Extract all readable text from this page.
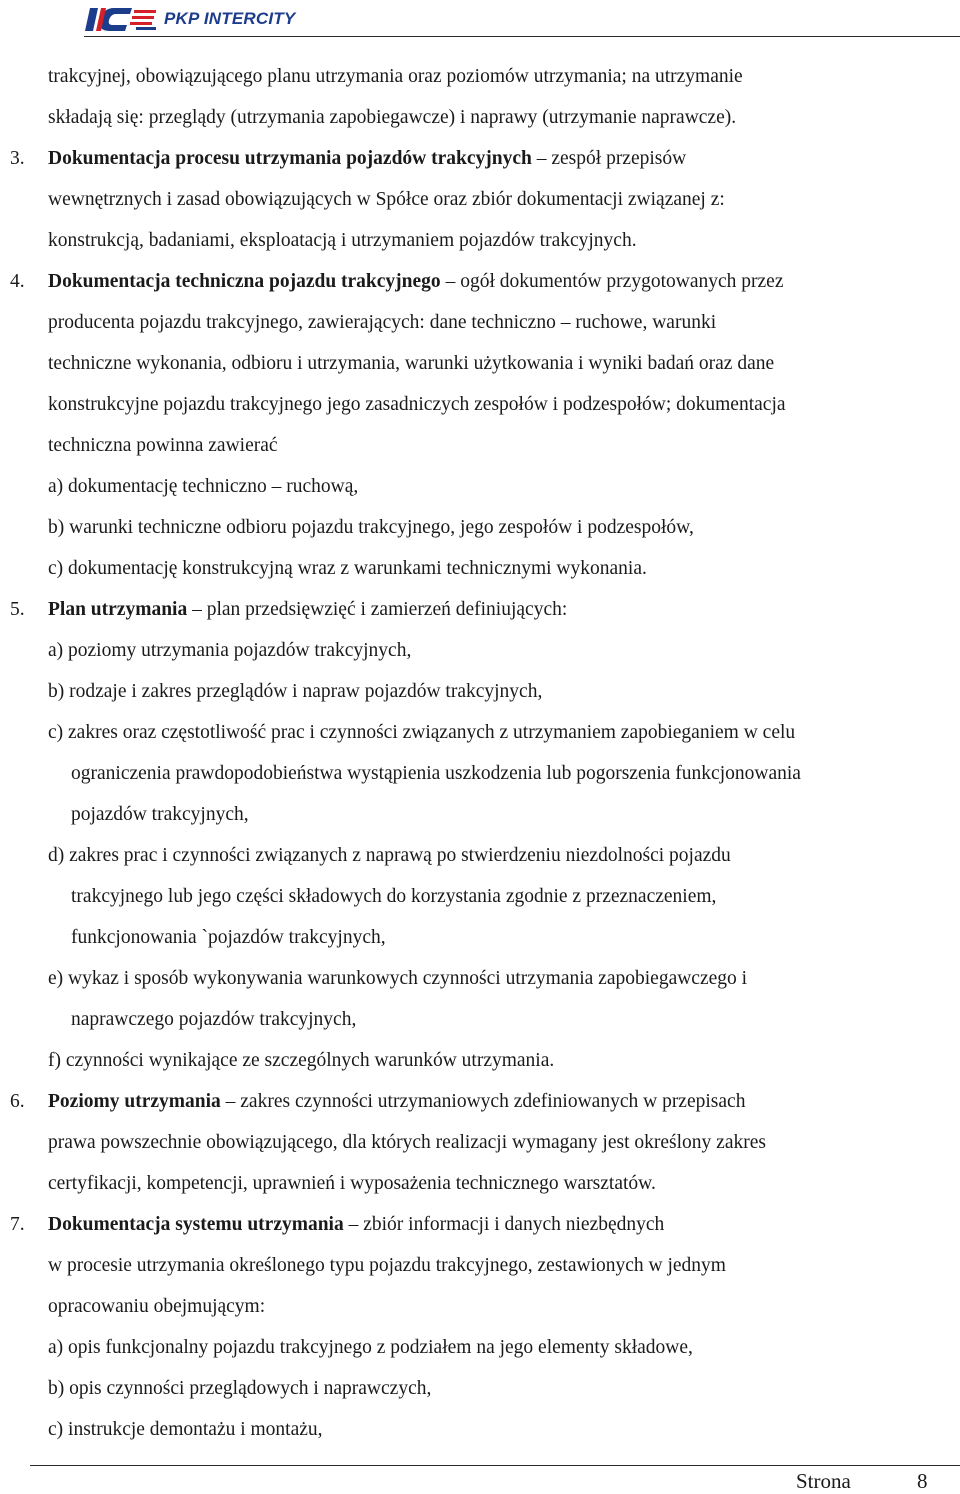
PKP INTERCITY
trakcyjnej, obowiązującego planu utrzymania oraz poziomów utrzymania; na utrzymanie
składają się: przeglądy (utrzymania zapobiegawcze) i naprawy (utrzymanie naprawcze).
3. Dokumentacja procesu utrzymania pojazdów trakcyjnych – zespół przepisów
wewnętrznych i zasad obowiązujących w Spółce oraz zbiór dokumentacji związanej z:
konstrukcją, badaniami, eksploatacją i utrzymaniem pojazdów trakcyjnych.
4. Dokumentacja techniczna pojazdu trakcyjnego – ogół dokumentów przygotowanych przez
producenta pojazdu trakcyjnego, zawierających: dane techniczno – ruchowe, warunki
techniczne wykonania, odbioru i utrzymania, warunki użytkowania i wyniki badań oraz dane
konstrukcyjne pojazdu trakcyjnego jego zasadniczych zespołów i podzespołów; dokumentacja
techniczna powinna zawierać
a) dokumentację techniczno – ruchową,
b) warunki techniczne odbioru pojazdu trakcyjnego, jego zespołów i podzespołów,
c) dokumentację konstrukcyjną wraz z warunkami technicznymi wykonania.
5. Plan utrzymania – plan przedsięwzięć i zamierzeń definiujących:
a) poziomy utrzymania pojazdów trakcyjnych,
b) rodzaje i zakres przeglądów i napraw pojazdów trakcyjnych,
c) zakres oraz częstotliwość prac i czynności związanych z utrzymaniem zapobieganiem w celu
ograniczenia prawdopodobieństwa wystąpienia uszkodzenia lub pogorszenia funkcjonowania
pojazdów trakcyjnych,
d) zakres prac i czynności związanych z naprawą po stwierdzeniu niezdolności pojazdu
trakcyjnego lub jego części składowych do korzystania zgodnie z przeznaczeniem,
funkcjonowania `pojazdów trakcyjnych,
e) wykaz i sposób wykonywania warunkowych czynności utrzymania zapobiegawczego i
naprawczego pojazdów trakcyjnych,
f) czynności wynikające ze szczególnych warunków utrzymania.
6. Poziomy utrzymania – zakres czynności utrzymaniowych zdefiniowanych w przepisach
prawa powszechnie obowiązującego, dla których realizacji wymagany jest określony zakres
certyfikacji, kompetencji, uprawnień i wyposażenia technicznego warsztatów.
7. Dokumentacja systemu utrzymania – zbiór informacji i danych niezbędnych
w procesie utrzymania określonego typu pojazdu trakcyjnego, zestawionych w jednym
opracowaniu obejmującym:
a) opis funkcjonalny pojazdu trakcyjnego z podziałem na jego elementy składowe,
b) opis czynności przeglądowych i naprawczych,
c) instrukcje demontażu i montażu,
Strona	8
